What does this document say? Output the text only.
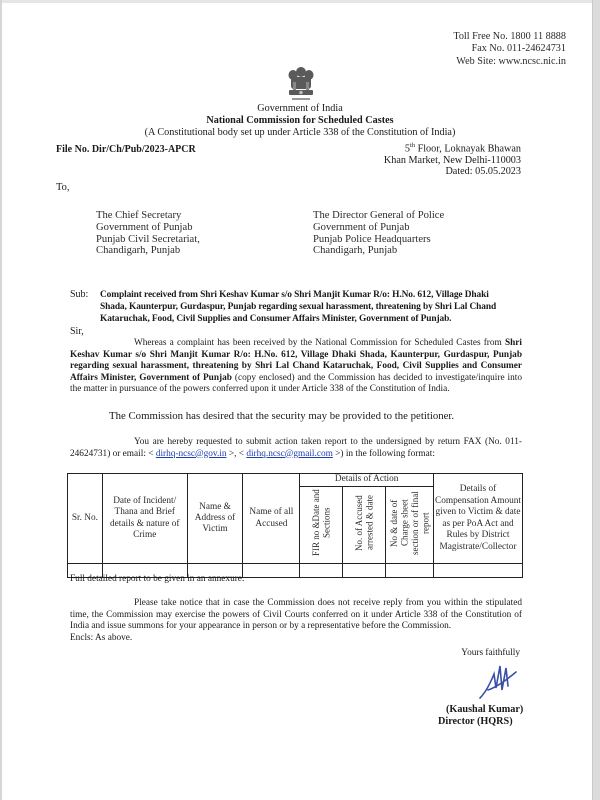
Toll Free No. 1800 11 8888
Fax No. 011-24624731
Web Site: www.ncsc.nic.in
Government of India
National Commission for Scheduled Castes
(A Constitutional body set up under Article 338 of the Constitution of India)
File No. Dir/Ch/Pub/2023-APCR	5th Floor, Loknayak Bhawan
Khan Market, New Delhi-110003
Dated: 05.05.2023
To,
The Chief Secretary
Government of Punjab
Punjab Civil Secretariat,
Chandigarh, Punjab
The Director General of Police
Government of Punjab
Punjab Police Headquarters
Chandigarh, Punjab
Sub: Complaint received from Shri Keshav Kumar s/o Shri Manjit Kumar R/o: H.No. 612, Village Dhaki Shada, Kaunterpur, Gurdaspur, Punjab regarding sexual harassment, threatening by Shri Lal Chand Kataruchak, Food, Civil Supplies and Consumer Affairs Minister, Government of Punjab.
Sir,
Whereas a complaint has been received by the National Commission for Scheduled Castes from Shri Keshav Kumar s/o Shri Manjit Kumar R/o: H.No. 612, Village Dhaki Shada, Kaunterpur, Gurdaspur, Punjab regarding sexual harassment, threatening by Shri Lal Chand Kataruchak, Food, Civil Supplies and Consumer Affairs Minister, Government of Punjab (copy enclosed) and the Commission has decided to investigate/inquire into the matter in pursuance of the powers conferred upon it under Article 338 of the Constitution of India.
The Commission has desired that the security may be provided to the petitioner.
You are hereby requested to submit action taken report to the undersigned by return FAX (No. 011- 24624731) or email: < dirhq-ncsc@gov.in >, < dirhq.ncsc@gmail.com >) in the following format:
Sr. No.	Date of Incident/ Thana and Brief details & nature of Crime	Name & Address of Victim	Name of all Accused	Details of Action			Details of Compensation Amount given to Victim & date as per PoA Act and Rules by District Magistrate/Collector
				FIR no &Date and Sections	No. of Accused arrested & date	No & date of Charge sheet section or of final report	

Full detailed report to be given in an annexure.
Please take notice that in case the Commission does not receive reply from you within the stipulated time, the Commission may exercise the powers of Civil Courts conferred on it under Article 338 of the Constitution of India and issue summons for your appearance in person or by a representative before the Commission.
Encls: As above.
Yours faithfully
(Kaushal Kumar)
Director (HQRS)
